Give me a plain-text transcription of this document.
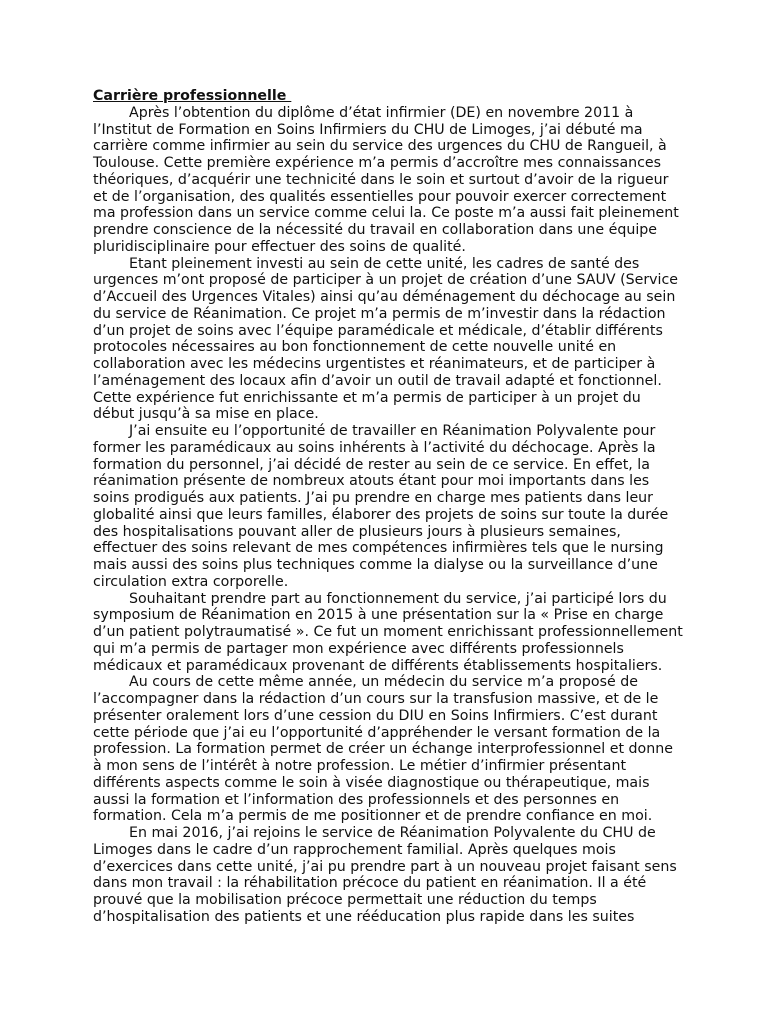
Carrière professionnelle

Après l’obtention du diplôme d’état infirmier (DE) en novembre 2011 à l’Institut de Formation en Soins Infirmiers du CHU de Limoges, j’ai débuté ma carrière comme infirmier au sein du service des urgences du CHU de Rangueil, à Toulouse. Cette première expérience m’a permis d’accroître mes connaissances théoriques, d’acquérir une technicité dans le soin et surtout d’avoir de la rigueur et de l’organisation, des qualités essentielles pour pouvoir exercer correctement ma profession dans un service comme celui la. Ce poste m’a aussi fait pleinement prendre conscience de la nécessité du travail en collaboration dans une équipe pluridisciplinaire pour effectuer des soins de qualité.

Etant pleinement investi au sein de cette unité, les cadres de santé des urgences m’ont proposé de participer à un projet de création d’une SAUV (Service d’Accueil des Urgences Vitales) ainsi qu’au déménagement du déchocage au sein du service de Réanimation. Ce projet m’a permis de m’investir dans la rédaction d’un projet de soins avec l’équipe paramédicale et médicale, d’établir différents protocoles nécessaires au bon fonctionnement de cette nouvelle unité en collaboration avec les médecins urgentistes et réanimateurs, et de participer à l’aménagement des locaux afin d’avoir un outil de travail adapté et fonctionnel. Cette expérience fut enrichissante et m’a permis de participer à un projet du début jusqu’à sa mise en place.

J’ai ensuite eu l’opportunité de travailler en Réanimation Polyvalente pour former les paramédicaux au soins inhérents à l’activité du déchocage. Après la formation du personnel, j’ai décidé de rester au sein de ce service. En effet, la réanimation présente de nombreux atouts étant pour moi importants dans les soins prodigués aux patients. J’ai pu prendre en charge mes patients dans leur globalité ainsi que leurs familles, élaborer des projets de soins sur toute la durée des hospitalisations pouvant aller de plusieurs jours à plusieurs semaines, effectuer des soins relevant de mes compétences infirmières tels que le nursing mais aussi des soins plus techniques comme la dialyse ou la surveillance d’une circulation extra corporelle.

Souhaitant prendre part au fonctionnement du service, j’ai participé lors du symposium de Réanimation en 2015 à une présentation sur la « Prise en charge d’un patient polytraumatisé ». Ce fut un moment enrichissant professionnellement qui m’a permis de partager mon expérience avec différents professionnels médicaux et paramédicaux provenant de différents établissements hospitaliers.

Au cours de cette même année, un médecin du service m’a proposé de l’accompagner dans la rédaction d’un cours sur la transfusion massive, et de le présenter oralement lors d’une cession du DIU en Soins Infirmiers. C’est durant cette période que j’ai eu l’opportunité d’appréhender le versant formation de la profession. La formation permet de créer un échange interprofessionnel et donne à mon sens de l’intérêt à notre profession. Le métier d’infirmier présentant différents aspects comme le soin à visée diagnostique ou thérapeutique, mais aussi la formation et l’information des professionnels et des personnes en formation. Cela m’a permis de me positionner et de prendre confiance en moi.

En mai 2016, j’ai rejoins le service de Réanimation Polyvalente du CHU de Limoges dans le cadre d’un rapprochement familial. Après quelques mois d’exercices dans cette unité, j’ai pu prendre part à un nouveau projet faisant sens dans mon travail : la réhabilitation précoce du patient en réanimation. Il a été prouvé que la mobilisation précoce permettait une réduction du temps d’hospitalisation des patients et une rééducation plus rapide dans les suites
